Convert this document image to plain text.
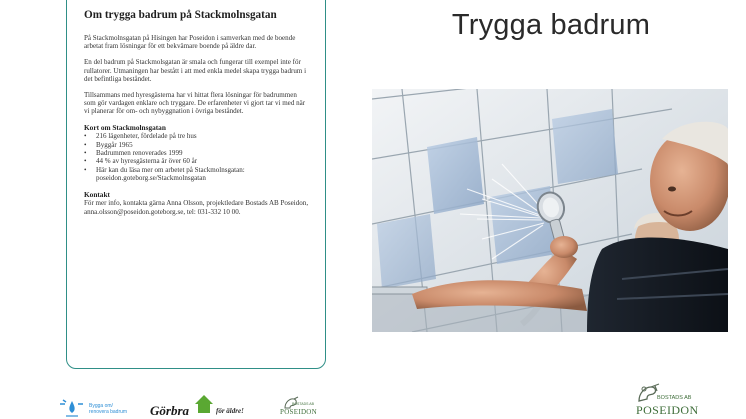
Om trygga badrum på Stackmolnsgatan

På Stackmolnsgatan på Hisingen har Poseidon i samverkan med de boende arbetat fram lösningar för ett bekvämare boende på äldre dar.

En del badrum på Stackmolsgatan är smala och fungerar till exempel inte för rullatorer. Utmaningen har bestått i att med enkla medel skapa trygga badrum i det befintliga beståndet.

Tillsammans med hyresgästerna har vi hittat flera lösningar för badrummen som gör vardagen enklare och tryggare. De erfarenheter vi gjort tar vi med när vi planerar för om- och nybyggnation i övriga beståndet.

Kort om Stackmolnsgatan
• 216 lägenheter, fördelade på tre hus
• Byggår 1965
• Badrummen renoverades 1999
• 44 % av hyresgästerna är över 60 år
• Här kan du läsa mer om arbetet på Stackmolnsgatan: poseidon.goteborg.se/Stackmolnsgatan
Kontakt

För mer info, kontakta gärna Anna Olsson, projektledare Bostads AB Poseidon, anna.olsson@poseidon.goteborg.se, tel: 031-332 10 00.

Trygga badrum
Bygga om/
renovera badrum Görbra	för äldre!
BOSTADS AB
POSEIDON
BOSTADS AB
POSEIDON
